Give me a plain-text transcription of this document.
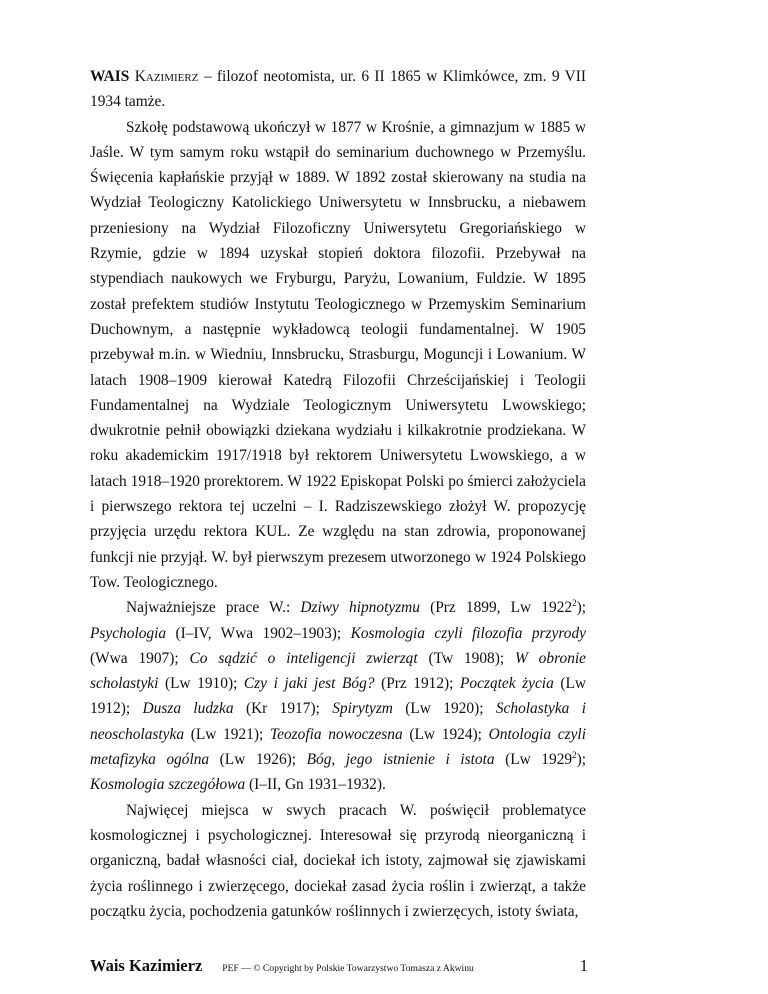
WAIS Kazimierz – filozof neotomista, ur. 6 II 1865 w Klimkówce, zm. 9 VII 1934 tamże.

Szkołę podstawową ukończył w 1877 w Krośnie, a gimnazjum w 1885 w Jaśle. W tym samym roku wstąpił do seminarium duchownego w Przemyślu. Święcenia kapłańskie przyjął w 1889. W 1892 został skierowany na studia na Wydział Teologiczny Katolickiego Uniwersytetu w Innsbrucku, a niebawem przeniesiony na Wydział Filozoficzny Uniwersytetu Gregoriańskiego w Rzymie, gdzie w 1894 uzyskał stopień doktora filozofii. Przebywał na stypendiach naukowych we Fryburgu, Paryżu, Lowanium, Fuldzie. W 1895 został prefektem studiów Instytutu Teologicznego w Przemyskim Seminarium Duchownym, a następnie wykładowcą teologii fundamentalnej. W 1905 przebywał m.in. w Wiedniu, Innsbrucku, Strasburgu, Moguncji i Lowanium. W latach 1908–1909 kierował Katedrą Filozofii Chrześcijańskiej i Teologii Fundamentalnej na Wydziale Teologicznym Uniwersytetu Lwowskiego; dwukrotnie pełnił obowiązki dziekana wydziału i kilkakrotnie prodziekana. W roku akademickim 1917/1918 był rektorem Uniwersytetu Lwowskiego, a w latach 1918–1920 prorektorem. W 1922 Episkopat Polski po śmierci założyciela i pierwszego rektora tej uczelni – I. Radziszewskiego złożył W. propozycję przyjęcia urzędu rektora KUL. Ze względu na stan zdrowia, proponowanej funkcji nie przyjął. W. był pierwszym prezesem utworzonego w 1924 Polskiego Tow. Teologicznego.

Najważniejsze prace W.: Dziwy hipnotyzmu (Prz 1899, Lw 1922$^2$); Psychologia (I–IV, Wwa 1902–1903); Kosmologia czyli filozofia przyrody (Wwa 1907); Co sądzić o inteligencji zwierząt (Tw 1908); W obronie scholastyki (Lw 1910); Czy i jaki jest Bóg? (Prz 1912); Początek życia (Lw 1912); Dusza ludzka (Kr 1917); Spirytyzm (Lw 1920); Scholastyka i neoscholastyka (Lw 1921); Teozofia nowoczesna (Lw 1924); Ontologia czyli metafizyka ogólna (Lw 1926); Bóg, jego istnienie i istota (Lw 1929$^2$); Kosmologia szczegółowa (I–II, Gn 1931–1932).

Najwięcej miejsca w swych pracach W. poświęcił problematyce kosmologicznej i psychologicznej. Interesował się przyrodą nieorganiczną i organiczną, badał własności ciał, dociekał ich istoty, zajmował się zjawiskami życia roślinnego i zwierzęcego, dociekał zasad życia roślin i zwierząt, a także początku życia, pochodzenia gatunków roślinnych i zwierzęcych, istoty świata,

Wais Kazimierz PEF — © Copyright by Polskie Towarzystwo Tomasza z Akwinu	1
